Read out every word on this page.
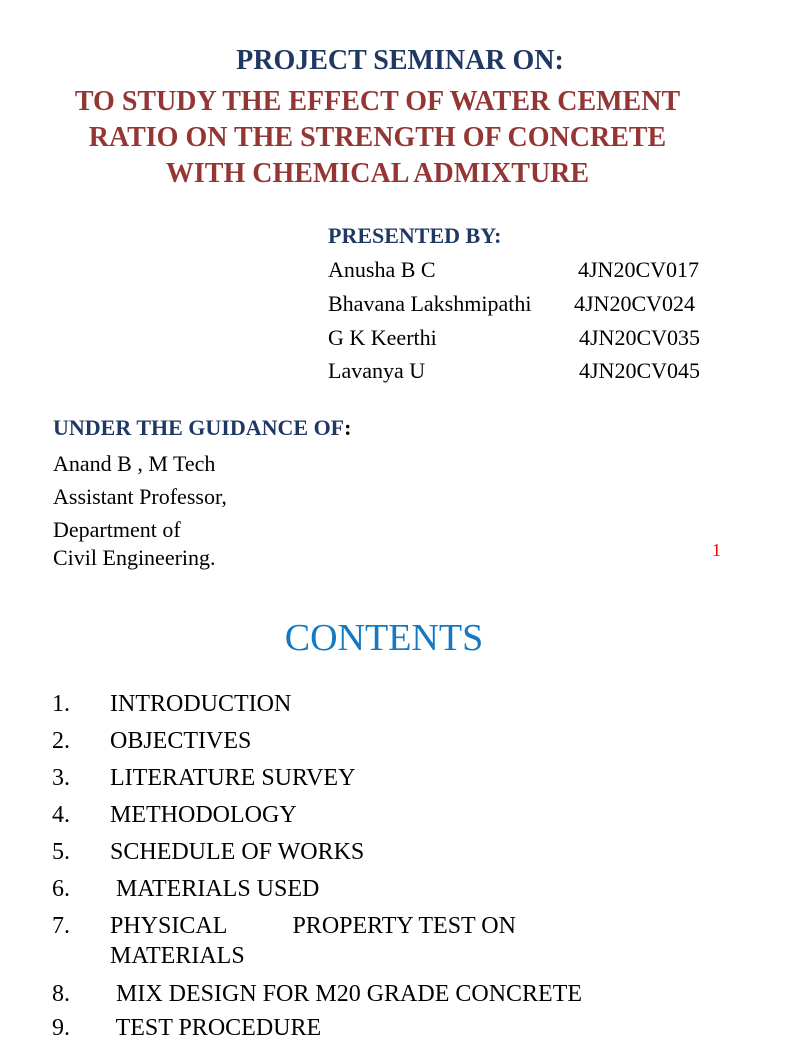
PROJECT SEMINAR ON:
TO STUDY THE EFFECT OF WATER CEMENT
RATIO ON THE STRENGTH OF CONCRETE
WITH CHEMICAL ADMIXTURE
PRESENTED BY:
Anusha B C	4JN20CV017
Bhavana Lakshmipathi 4JN20CV024
G K Keerthi	4JN20CV035
Lavanya U	4JN20CV045
UNDER THE GUIDANCE OF:
Anand B , M Tech
Assistant Professor,
Department of
Civil Engineering.	1
CONTENTS
1. INTRODUCTION
2. OBJECTIVES
3. LITERATURE SURVEY
4. METHODOLOGY
5. SCHEDULE OF WORKS
6. MATERIALS USED
7. PHYSICAL           PROPERTY TEST ON
MATERIALS
8. MIX DESIGN FOR M20 GRADE CONCRETE
9. TEST PROCEDURE
